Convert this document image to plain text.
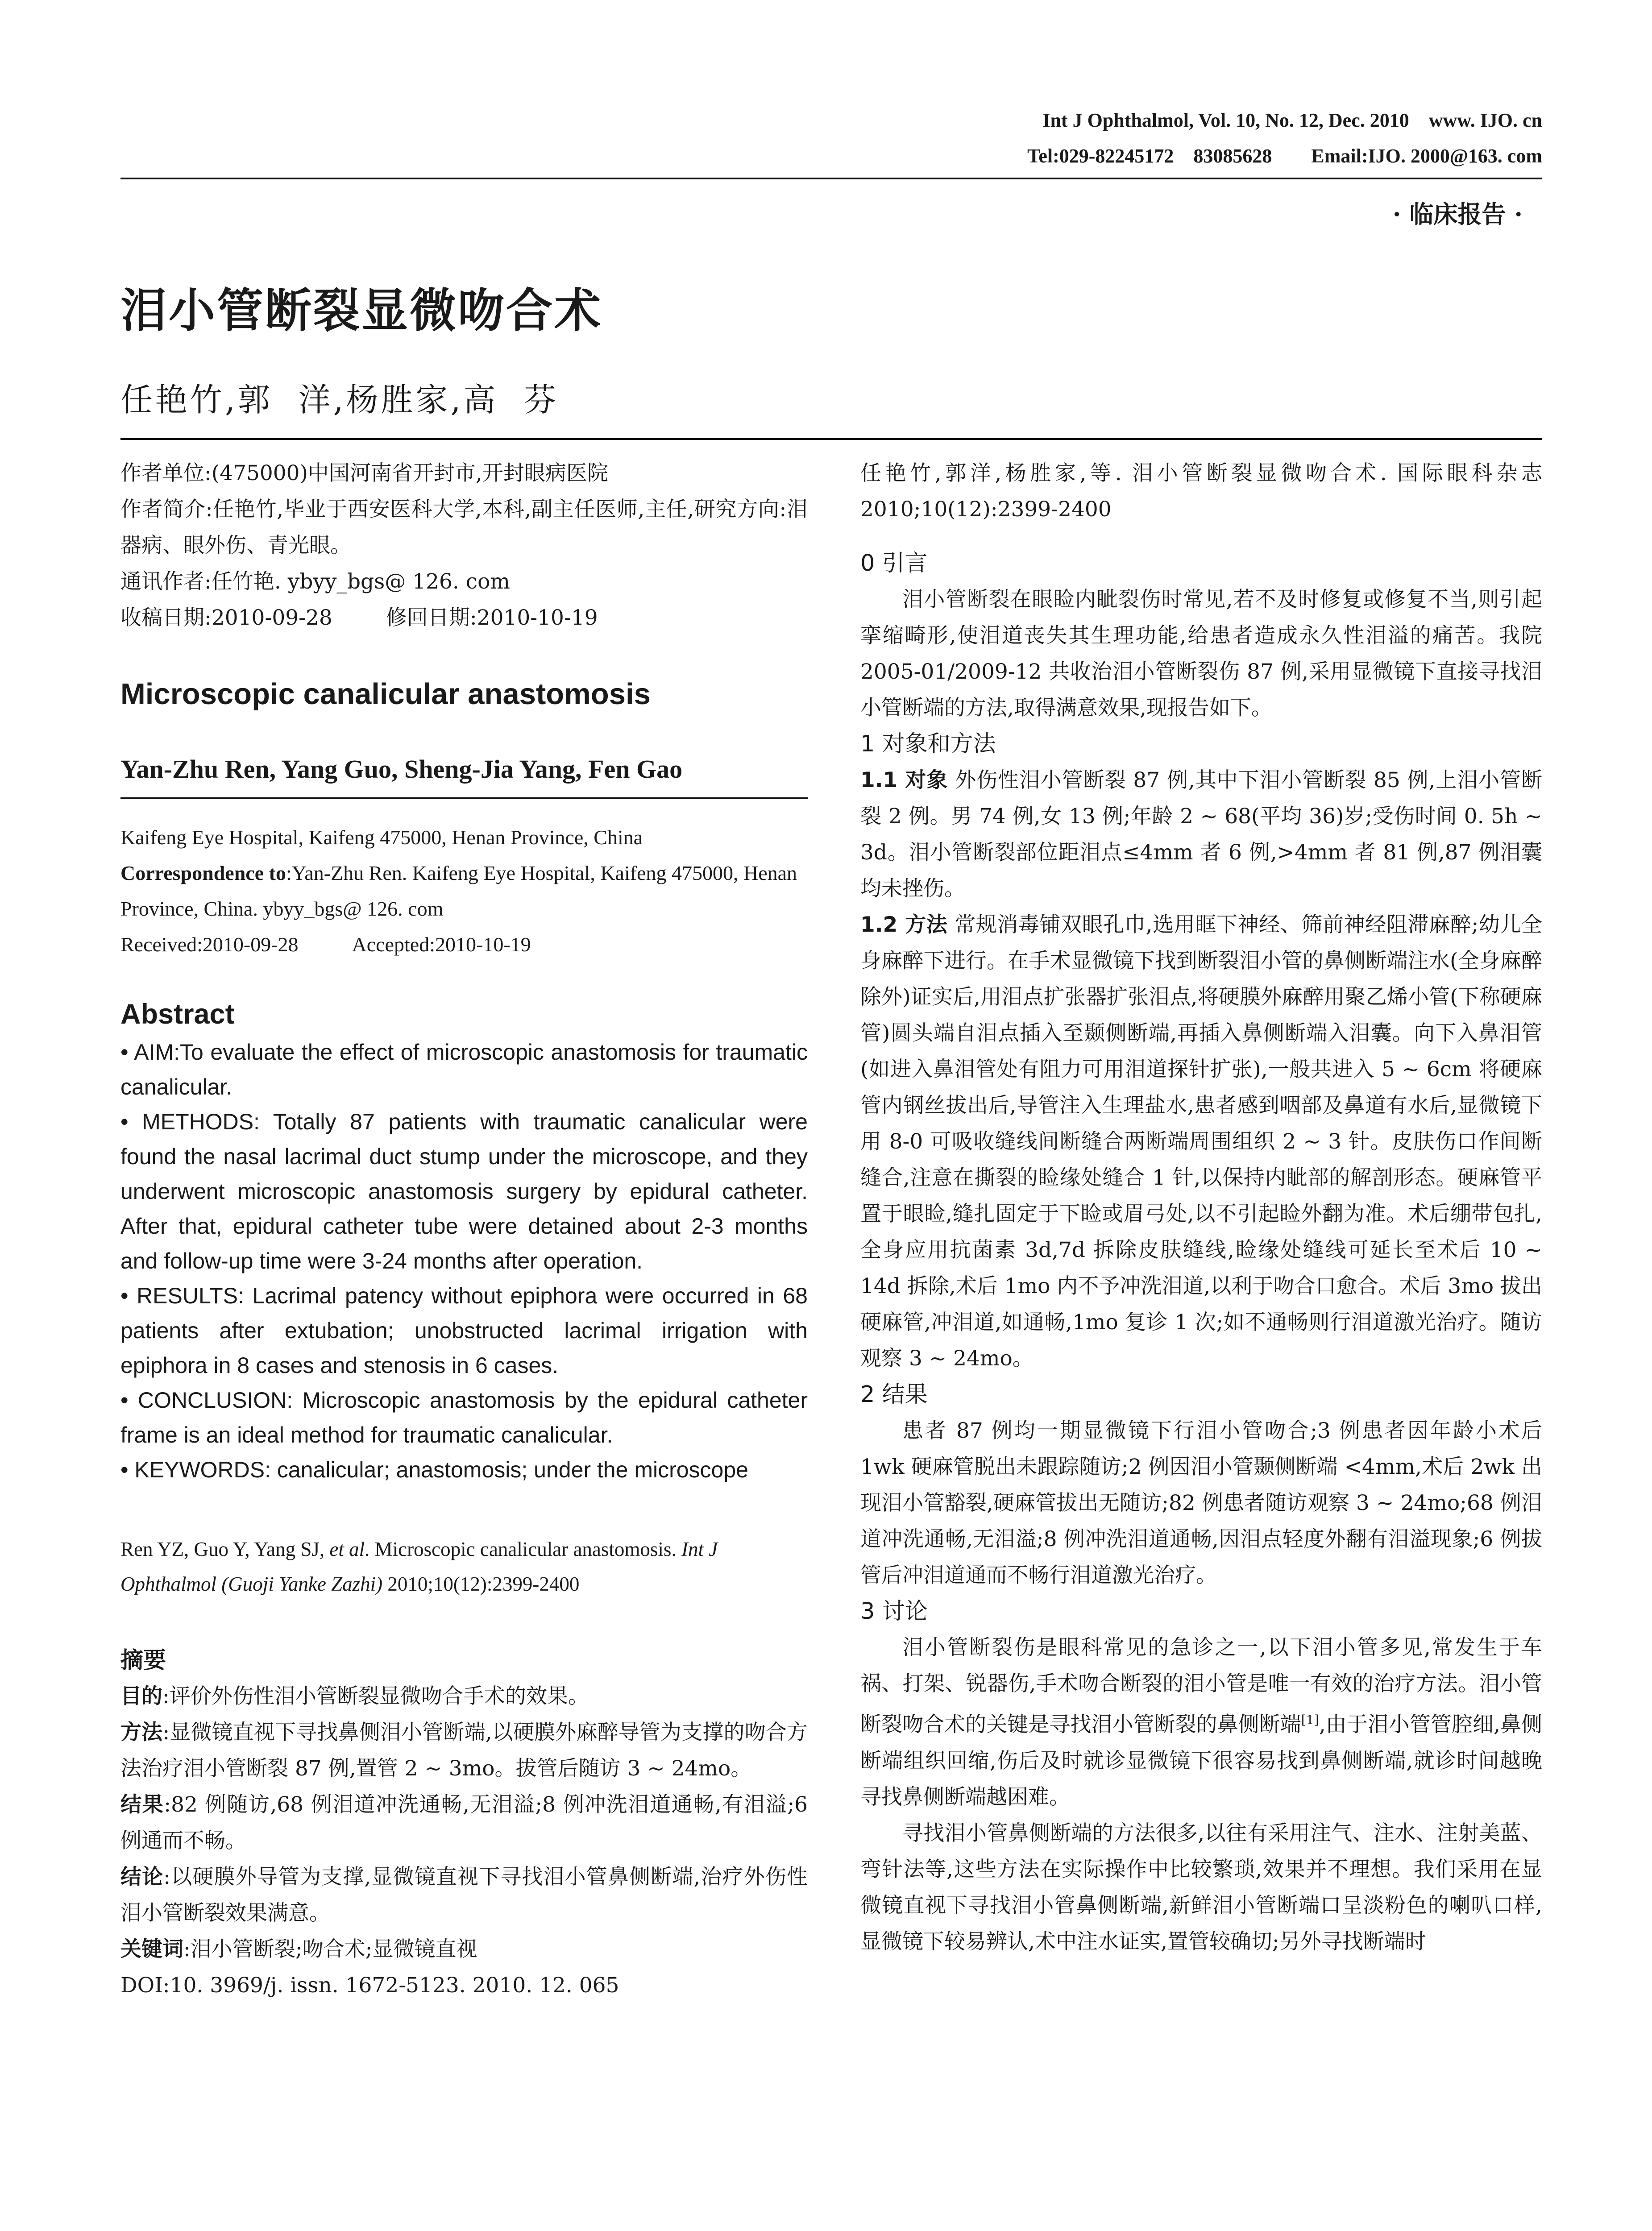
Int J Ophthalmol, Vol. 10, No. 12, Dec. 2010    www. IJO. cn
Tel:029-82245172    83085628        Email:IJO. 2000@163. com
· 临床报告 ·
泪小管断裂显微吻合术
任艳竹,郭  洋,杨胜家,高  芬

作者单位:(475000)中国河南省开封市,开封眼病医院

作者简介:任艳竹,毕业于西安医科大学,本科,副主任医师,主任,研究方向:泪器病、眼外伤、青光眼。

通讯作者:任竹艳. ybyy_bgs@ 126. com

收稿日期:2010-09-28	修回日期:2010-10-19

Microscopic canalicular anastomosis

Yan-Zhu Ren, Yang Guo, Sheng-Jia Yang, Fen Gao

Kaifeng Eye Hospital, Kaifeng 475000, Henan Province, China

Correspondence to:Yan-Zhu Ren. Kaifeng Eye Hospital, Kaifeng 475000, Henan Province, China. ybyy_bgs@ 126. com

Received:2010-09-28	Accepted:2010-10-19

Abstract

• AIM:To evaluate the effect of microscopic anastomosis for traumatic canalicular.

• METHODS: Totally 87 patients with traumatic canalicular were found the nasal lacrimal duct stump under the microscope, and they underwent microscopic anastomosis surgery by epidural catheter. After that, epidural catheter tube were detained about 2-3 months and follow-up time were 3-24 months after operation.

• RESULTS: Lacrimal patency without epiphora were occurred in 68 patients after extubation; unobstructed lacrimal irrigation with epiphora in 8 cases and stenosis in 6 cases.

• CONCLUSION: Microscopic anastomosis by the epidural catheter frame is an ideal method for traumatic canalicular.

• KEYWORDS: canalicular; anastomosis; under the microscope

Ren YZ, Guo Y, Yang SJ, et al. Microscopic canalicular anastomosis. Int J Ophthalmol (Guoji Yanke Zazhi) 2010;10(12):2399-2400

摘要

目的:评价外伤性泪小管断裂显微吻合手术的效果。

方法:显微镜直视下寻找鼻侧泪小管断端,以硬膜外麻醉导管为支撑的吻合方法治疗泪小管断裂 87 例,置管 2 ~ 3mo。拔管后随访 3 ~ 24mo。

结果:82 例随访,68 例泪道冲洗通畅,无泪溢;8 例冲洗泪道通畅,有泪溢;6 例通而不畅。

结论:以硬膜外导管为支撑,显微镜直视下寻找泪小管鼻侧断端,治疗外伤性泪小管断裂效果满意。

关键词:泪小管断裂;吻合术;显微镜直视

DOI:10. 3969/j. issn. 1672-5123. 2010. 12. 065

任艳竹,郭洋,杨胜家,等. 泪小管断裂显微吻合术. 国际眼科杂志 2010;10(12):2399-2400

0 引言

泪小管断裂在眼睑内眦裂伤时常见,若不及时修复或修复不当,则引起挛缩畸形,使泪道丧失其生理功能,给患者造成永久性泪溢的痛苦。我院 2005-01/2009-12 共收治泪小管断裂伤 87 例,采用显微镜下直接寻找泪小管断端的方法,取得满意效果,现报告如下。

1 对象和方法

1.1 对象 外伤性泪小管断裂 87 例,其中下泪小管断裂 85 例,上泪小管断裂 2 例。男 74 例,女 13 例;年龄 2 ~ 68(平均 36)岁;受伤时间 0. 5h ~ 3d。泪小管断裂部位距泪点≤4mm 者 6 例,>4mm 者 81 例,87 例泪囊均未挫伤。

1.2 方法 常规消毒铺双眼孔巾,选用眶下神经、筛前神经阻滞麻醉;幼儿全身麻醉下进行。在手术显微镜下找到断裂泪小管的鼻侧断端注水(全身麻醉除外)证实后,用泪点扩张器扩张泪点,将硬膜外麻醉用聚乙烯小管(下称硬麻管)圆头端自泪点插入至颞侧断端,再插入鼻侧断端入泪囊。向下入鼻泪管(如进入鼻泪管处有阻力可用泪道探针扩张),一般共进入 5 ~ 6cm 将硬麻管内钢丝拔出后,导管注入生理盐水,患者感到咽部及鼻道有水后,显微镜下用 8-0 可吸收缝线间断缝合两断端周围组织 2 ~ 3 针。皮肤伤口作间断缝合,注意在撕裂的睑缘处缝合 1 针,以保持内眦部的解剖形态。硬麻管平置于眼睑,缝扎固定于下睑或眉弓处,以不引起睑外翻为准。术后绷带包扎,全身应用抗菌素 3d,7d 拆除皮肤缝线,睑缘处缝线可延长至术后 10 ~ 14d 拆除,术后 1mo 内不予冲洗泪道,以利于吻合口愈合。术后 3mo 拔出硬麻管,冲泪道,如通畅,1mo 复诊 1 次;如不通畅则行泪道激光治疗。随访观察 3 ~ 24mo。

2 结果

患者 87 例均一期显微镜下行泪小管吻合;3 例患者因年龄小术后 1wk 硬麻管脱出未跟踪随访;2 例因泪小管颞侧断端 <4mm,术后 2wk 出现泪小管豁裂,硬麻管拔出无随访;82 例患者随访观察 3 ~ 24mo;68 例泪道冲洗通畅,无泪溢;8 例冲洗泪道通畅,因泪点轻度外翻有泪溢现象;6 例拔管后冲泪道通而不畅行泪道激光治疗。

3 讨论

泪小管断裂伤是眼科常见的急诊之一,以下泪小管多见,常发生于车祸、打架、锐器伤,手术吻合断裂的泪小管是唯一有效的治疗方法。泪小管断裂吻合术的关键是寻找泪小管断裂的鼻侧断端[1],由于泪小管管腔细,鼻侧断端组织回缩,伤后及时就诊显微镜下很容易找到鼻侧断端,就诊时间越晚寻找鼻侧断端越困难。

寻找泪小管鼻侧断端的方法很多,以往有采用注气、注水、注射美蓝、弯针法等,这些方法在实际操作中比较繁琐,效果并不理想。我们采用在显微镜直视下寻找泪小管鼻侧断端,新鲜泪小管断端口呈淡粉色的喇叭口样,显微镜下较易辨认,术中注水证实,置管较确切;另外寻找断端时
